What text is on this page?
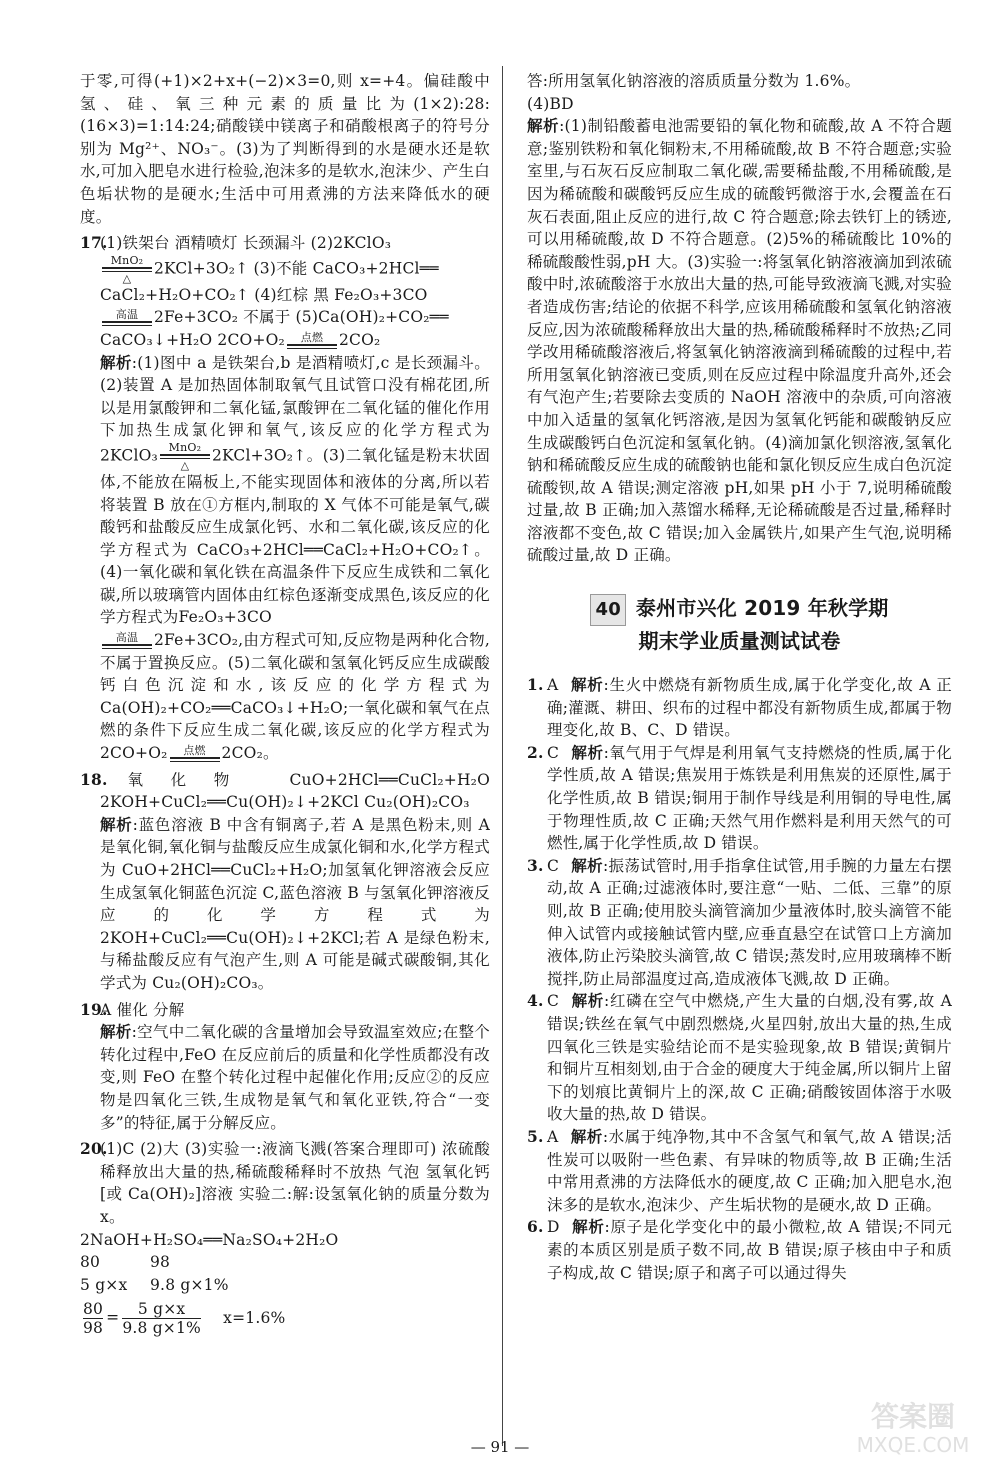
于零,可得(+1)×2+x+(−2)×3=0,则 x=+4。偏硅酸中氢、硅、氧三种元素的质量比为(1×2):28:(16×3)=1:14:24;硝酸镁中镁离子和硝酸根离子的符号分别为 Mg²⁺、NO₃⁻。(3)为了判断得到的水是硬水还是软水,可加入肥皂水进行检验,泡沫多的是软水,泡沫少、产生白色垢状物的是硬水;生活中可用煮沸的方法来降低水的硬度。

17.(1)铁架台 酒精喷灯 长颈漏斗 (2)2KClO₃
MnO₂
△2KCl+3O₂↑ (3)不能 CaCO₃+2HCl══
CaCl₂+H₂O+CO₂↑ (4)红棕 黑 Fe₂O₃+3CO
高温 2Fe+3CO₂ 不属于 (5)Ca(OH)₂+CO₂══
CaCO₃↓+H₂O 2CO+O₂ 点燃 2CO₂
解析:(1)图中 a 是铁架台,b 是酒精喷灯,c 是长颈漏斗。(2)装置 A 是加热固体制取氧气且试管口没有棉花团,所以是用氯酸钾和二氧化锰,氯酸钾在二氧化锰的催化作用下加热生成氯化钾和氧气,该反应的化学方程式为 2KClO₃ MnO₂
△2KCl+3O₂↑。(3)二氧化锰是粉末状固体,不能放在隔板上,不能实现固体和液体的分离,所以若将装置 B 放在①方框内,制取的 X 气体不可能是氧气,碳酸钙和盐酸反应生成氯化钙、水和二氧化碳,该反应的化学方程式为 CaCO₃+2HCl══CaCl₂+H₂O+CO₂↑。(4)一氧化碳和氧化铁在高温条件下反应生成铁和二氧化碳,所以玻璃管内固体由红棕色逐渐变成黑色,该反应的化学方程式为Fe₂O₃+3CO
高温 2Fe+3CO₂,由方程式可知,反应物是两种化合物,不属于置换反应。(5)二氧化碳和氢氧化钙反应生成碳酸钙白色沉淀和水,该反应的化学方程式为Ca(OH)₂+CO₂══CaCO₃↓+H₂O;一氧化碳和氧气在点燃的条件下反应生成二氧化碳,该反应的化学方程式为 2CO+O₂ 点燃 2CO₂。

18.氧化物 CuO+2HCl══CuCl₂+H₂O 2KOH+CuCl₂══Cu(OH)₂↓+2KCl Cu₂(OH)₂CO₃
解析:蓝色溶液 B 中含有铜离子,若 A 是黑色粉末,则 A 是氧化铜,氧化铜与盐酸反应生成氯化铜和水,化学方程式为 CuO+2HCl══CuCl₂+H₂O;加氢氧化钾溶液会反应生成氢氧化铜蓝色沉淀 C,蓝色溶液 B 与氢氧化钾溶液反应的化学方程式为 2KOH+CuCl₂══Cu(OH)₂↓+2KCl;若 A 是绿色粉末,与稀盐酸反应有气泡产生,则 A 可能是碱式碳酸铜,其化学式为 Cu₂(OH)₂CO₃。

19.A 催化 分解
解析:空气中二氧化碳的含量增加会导致温室效应;在整个转化过程中,FeO 在反应前后的质量和化学性质都没有改变,则 FeO 在整个转化过程中起催化作用;反应②的反应物是四氧化三铁,生成物是氧气和氧化亚铁,符合“一变多”的特征,属于分解反应。

20.(1)C (2)大 (3)实验一:液滴飞溅(答案合理即可) 浓硫酸稀释放出大量的热,稀硫酸稀释时不放热 气泡 氢氧化钙[或 Ca(OH)₂]溶液 实验二:解:设氢氧化钠的质量分数为 x。

2NaOH+H₂SO₄══Na₂SO₄+2H₂O
80	98
5 g×x 9.8 g×1%
$\frac{80}{98} = \frac{5 g\times x}{9.8 g\times 1\%} x=1.6\%$

答:所用氢氧化钠溶液的溶质质量分数为 1.6%。

(4)BD

解析:(1)制铅酸蓄电池需要铅的氧化物和硫酸,故 A 不符合题意;鉴别铁粉和氧化铜粉末,不用稀硫酸,故 B 不符合题意;实验室里,与石灰石反应制取二氧化碳,需要稀盐酸,不用稀硫酸,是因为稀硫酸和碳酸钙反应生成的硫酸钙微溶于水,会覆盖在石灰石表面,阻止反应的进行,故 C 符合题意;除去铁钉上的锈迹,可以用稀硫酸,故 D 不符合题意。(2)5%的稀硫酸比 10%的稀硫酸酸性弱,pH 大。(3)实验一:将氢氧化钠溶液滴加到浓硫酸中时,浓硫酸溶于水放出大量的热,可能导致液滴飞溅,对实验者造成伤害;结论的依据不科学,应该用稀硫酸和氢氧化钠溶液反应,因为浓硫酸稀释放出大量的热,稀硫酸稀释时不放热;乙同学改用稀硫酸溶液后,将氢氧化钠溶液滴到稀硫酸的过程中,若所用氢氧化钠溶液已变质,则在反应过程中除温度升高外,还会有气泡产生;若要除去变质的 NaOH 溶液中的杂质,可向溶液中加入适量的氢氧化钙溶液,是因为氢氧化钙能和碳酸钠反应生成碳酸钙白色沉淀和氢氧化钠。(4)滴加氯化钡溶液,氢氧化钠和稀硫酸反应生成的硫酸钠也能和氯化钡反应生成白色沉淀硫酸钡,故 A 错误;测定溶液 pH,如果 pH 小于 7,说明稀硫酸过量,故 B 正确;加入蒸馏水稀释,无论稀硫酸是否过量,稀释时溶液都不变色,故 C 错误;加入金属铁片,如果产生气泡,说明稀硫酸过量,故 D 正确。

40 泰州市兴化 2019 年秋学期
期末学业质量测试试卷

1. A 解析:生火中燃烧有新物质生成,属于化学变化,故 A 正确;灌溉、耕田、织布的过程中都没有新物质生成,都属于物理变化,故 B、C、D 错误。

2. C 解析:氧气用于气焊是利用氧气支持燃烧的性质,属于化学性质,故 A 错误;焦炭用于炼铁是利用焦炭的还原性,属于化学性质,故 B 错误;铜用于制作导线是利用铜的导电性,属于物理性质,故 C 正确;天然气用作燃料是利用天然气的可燃性,属于化学性质,故 D 错误。

3. C 解析:振荡试管时,用手指拿住试管,用手腕的力量左右摆动,故 A 正确;过滤液体时,要注意“一贴、二低、三靠”的原则,故 B 正确;使用胶头滴管滴加少量液体时,胶头滴管不能伸入试管内或接触试管内壁,应垂直悬空在试管口上方滴加液体,防止污染胶头滴管,故 C 错误;蒸发时,应用玻璃棒不断搅拌,防止局部温度过高,造成液体飞溅,故 D 正确。

4. C 解析:红磷在空气中燃烧,产生大量的白烟,没有雾,故 A 错误;铁丝在氧气中剧烈燃烧,火星四射,放出大量的热,生成四氧化三铁是实验结论而不是实验现象,故 B 错误;黄铜片和铜片互相刻划,由于合金的硬度大于纯金属,所以铜片上留下的划痕比黄铜片上的深,故 C 正确;硝酸铵固体溶于水吸收大量的热,故 D 错误。

5. A 解析:水属于纯净物,其中不含氢气和氧气,故 A 错误;活性炭可以吸附一些色素、有异味的物质等,故 B 正确;生活中常用煮沸的方法降低水的硬度,故 C 正确;加入肥皂水,泡沫多的是软水,泡沫少、产生垢状物的是硬水,故 D 正确。

6. D 解析:原子是化学变化中的最小微粒,故 A 错误;不同元素的本质区别是质子数不同,故 B 错误;原子核由中子和质子构成,故 C 错误;原子和离子可以通过得失

答案圈
MXQE.COM
— 91 —
